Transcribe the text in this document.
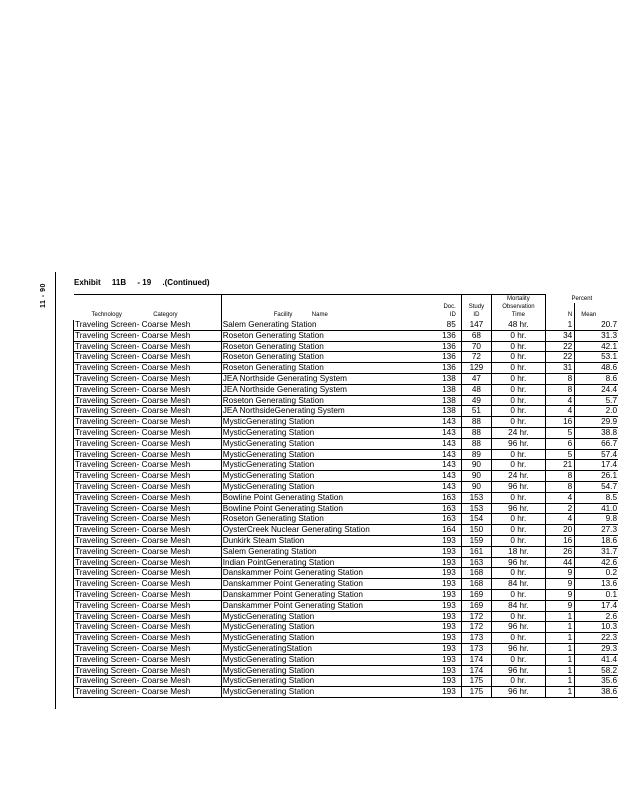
11 - 90
Exhibit 11B - 19 .(Continued)
				Mortality	Percent	
		Doc.	Study	Observation		
Technology Category	Facility Name	ID	ID	Time	N	Mean
Traveling Screen- Coarse Mesh	Salem Generating Station	85	147	48 hr.	1	20.7
Traveling Screen- Coarse Mesh	Roseton Generating Station	136	68	0 hr.	34	31.3
Traveling Screen- Coarse Mesh	Roseton Generating Station	136	70	0 hr.	22	42.1
Traveling Screen- Coarse Mesh	Roseton Generating Station	136	72	0 hr.	22	53.1
Traveling Screen- Coarse Mesh	Roseton Generating Station	136	129	0 hr.	31	48.6
Traveling Screen- Coarse Mesh	JEA Northside Generating System	138	47	0 hr.	8	8.6
Traveling Screen- Coarse Mesh	JEA Northside Generating System	138	48	0 hr.	8	24.4
Traveling Screen- Coarse Mesh	Roseton Generating Station	138	49	0 hr.	4	5.7
Traveling Screen- Coarse Mesh	JEA NorthsideGenerating System	138	51	0 hr.	4	2.0
Traveling Screen- Coarse Mesh	MysticGenerating Station	143	88	0 hr.	16	29.9
Traveling Screen- Coarse Mesh	MysticGenerating Station	143	88	24 hr.	5	38.8
Traveling Screen- Coarse Mesh	MysticGenerating Station	143	88	96 hr.	6	66.7
Traveling Screen- Coarse Mesh	MysticGenerating Station	143	89	0 hr.	5	57.4
Traveling Screen- Coarse Mesh	MysticGenerating Station	143	90	0 hr.	21	17.4
Traveling Screen- Coarse Mesh	MysticGenerating Station	143	90	24 hr.	8	26.1
Traveling Screen- Coarse Mesh	MysticGenerating Station	143	90	96 hr.	8	54.7
Traveling Screen- Coarse Mesh	Bowline Point Generating Station	163	153	0 hr.	4	8.5
Traveling Screen- Coarse Mesh	Bowline Point Generating Station	163	153	96 hr.	2	41.0
Traveling Screen- Coarse Mesh	Roseton Generating Station	163	154	0 hr.	4	9.8
Traveling Screen- Coarse Mesh	OysterCreek Nuclear Generating Station	164	150	0 hr.	20	27.3
Traveling Screen- Coarse Mesh	Dunkirk Steam Station	193	159	0 hr.	16	18.6
Traveling Screen- Coarse Mesh	Salem Generating Station	193	161	18 hr.	26	31.7
Traveling Screen- Coarse Mesh	Indian PointGenerating Station	193	163	96 hr.	44	42.6
Traveling Screen- Coarse Mesh	Danskammer Point Generating Station	193	168	0 hr.	9	0.2
Traveling Screen- Coarse Mesh	Danskammer Point Generating Station	193	168	84 hr.	9	13.6
Traveling Screen- Coarse Mesh	Danskammer Point Generating Station	193	169	0 hr.	9	0.1
Traveling Screen- Coarse Mesh	Danskammer Point Generating Station	193	169	84 hr.	9	17.4
Traveling Screen- Coarse Mesh	MysticGenerating Station	193	172	0 hr.	1	2.6
Traveling Screen- Coarse Mesh	MysticGenerating Station	193	172	96 hr.	1	10.3
Traveling Screen- Coarse Mesh	MysticGenerating Station	193	173	0 hr.	1	22.3
Traveling Screen- Coarse Mesh	MysticGeneratingStation	193	173	96 hr.	1	29.3
Traveling Screen- Coarse Mesh	MysticGenerating Station	193	174	0 hr.	1	41.4
Traveling Screen- Coarse Mesh	MysticGenerating Station	193	174	96 hr.	1	58.2
Traveling Screen- Coarse Mesh	MysticGenerating Station	193	175	0 hr.	1	35.6
Traveling Screen- Coarse Mesh	MysticGenerating Station	193	175	96 hr.	1	38.6
